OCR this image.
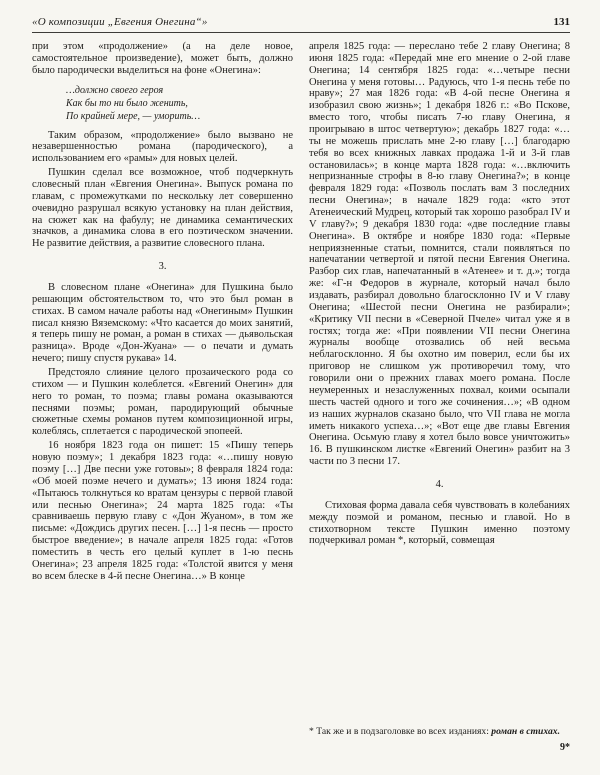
«О композиции „Евгения Онегина“»	131

при этом «продолжение» (а на деле новое, самостоятельное произведение), может быть, должно было пародически выделиться на фоне «Онегина»:

…должно своего героя
Как бы то ни было женить,
По крайней мере, — уморить…

Таким образом, «продолжение» было вызвано не незавершенностью романа (пародического), а использованием его «рамы» для новых целей.

Пушкин сделал все возможное, чтоб подчеркнуть словесный план «Евгения Онегина». Выпуск романа по главам, с промежутками по нескольку лет совершенно очевидно разрушал всякую установку на план действия, на сюжет как на фабулу; не динамика семантических значков, а динамика слова в его поэтическом значении. Не развитие действия, а развитие словесного плана.

3.

В словесном плане «Онегина» для Пушкина было решающим обстоятельством то, что это был роман в стихах. В самом начале работы над «Онегиным» Пушкин писал князю Вяземскому: «Что касается до моих занятий, я теперь пишу не роман, а роман в стихах — дьявольская разница». Вроде «Дон-Жуана» — о печати и думать нечего; пишу спустя рукава» 14.

Предстояло слияние целого прозаического рода со стихом — и Пушкин колеблется. «Евгений Онегин» для него то роман, то поэма; главы романа оказываются песнями поэмы; роман, пародирующий обычные сюжетные схемы романов путем композиционной игры, колеблясь, сплетается с пародической эпопеей.

16 ноября 1823 года он пишет: 15 «Пишу теперь новую поэму»; 1 декабря 1823 года: «…пишу новую поэму […] Две песни уже готовы»; 8 февраля 1824 года: «Об моей поэме нечего и думать»; 13 июня 1824 года: «Пытаюсь толкнуться ко вратам цензуры с первой главой или песнью Онегина»; 24 марта 1825 года: «Ты сравниваешь первую главу с «Дон Жуаном», в том же письме: «Дождись других песен. […] 1-я песнь — просто быстрое введение»; в начале апреля 1825 года: «Готов поместить в честь его целый куплет в 1-ю песнь Онегина»; 23 апреля 1825 года: «Толстой явится у меня во всем блеске в 4-й песне Онегина…» В конце

апреля 1825 года: — переслано тебе 2 главу Онегина; 8 июня 1825 года: «Передай мне его мнение о 2-ой главе Онегина; 14 сентября 1825 года: «…четыре песни Онегина у меня готовы… Радуюсь, что 1-я песнь тебе по нраву»; 27 мая 1826 года: «В 4-ой песне Онегина я изобразил свою жизнь»; 1 декабря 1826 г.: «Во Пскове, вместо того, чтобы писать 7-ю главу Онегина, я проигрываю в штос четвертую»; декабрь 1827 года: «…ты не можешь прислать мне 2-ю главу […] благодарю тебя во всех книжных лавках продажа 1-й и 3-й глав остановилась»; в конце марта 1828 года: «…включить непризнанные строфы в 8-ю главу Онегина?»; в конце февраля 1829 года: «Позволь послать вам 3 последних песни Онегина»; в начале 1829 года: «кто этот Атенеический Мудрец, который так хорошо разобрал IV и V главу?»; 9 декабря 1830 года: «две последние главы Онегина». В октябре и ноябре 1830 года: «Первые неприязненные статьи, помнится, стали появляться по напечатании четвертой и пятой песни Евгения Онегина. Разбор сих глав, напечатанный в «Атенее» и т. д.»; тогда же: «Г-н Федоров в журнале, который начал было издавать, разбирал довольно благосклонно IV и V главу Онегина; «Шестой песни Онегина не разбирали»; «Критику VII песни в «Северной Пчеле» читал уже я в гостях; тогда же: «При появлении VII песни Онегина журналы вообще отозвались об ней весьма неблагосклонно. Я бы охотно им поверил, если бы их приговор не слишком уж противоречил тому, что говорили они о прежних главах моего романа. После неумеренных и незаслуженных похвал, коими осыпали шесть частей одного и того же сочинения…»; «В одном из наших журналов сказано было, что VII глава не могла иметь никакого успеха…»; «Вот еще две главы Евгения Онегина. Осьмую главу я хотел было вовсе уничтожить» 16. В пушкинском листке «Евгений Онегин» разбит на 3 части по 3 песни 17.

4.

Стиховая форма давала себя чувствовать в колебаниях между поэмой и романом, песнью и главой. Но в стихотворном тексте Пушкин именно поэтому подчеркивал роман *, который, совмещая

* Так же и в подзаголовке во всех изданиях: роман в стихах.
9*
